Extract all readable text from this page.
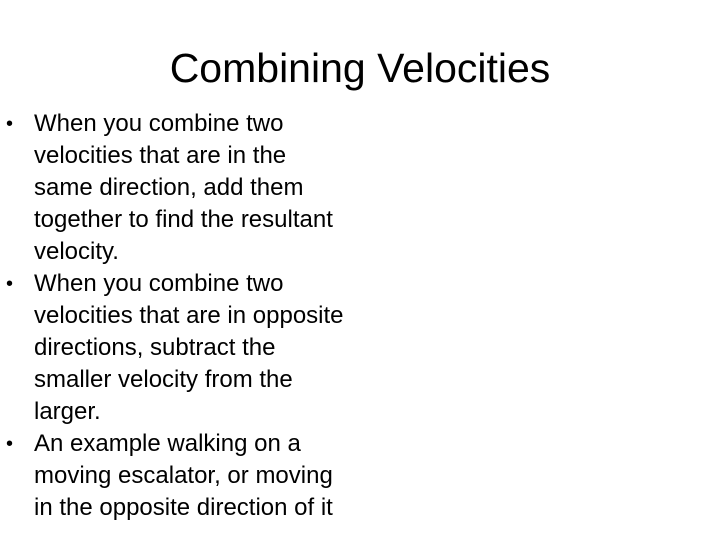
Combining Velocities
• When you combine two
velocities that are in the
same direction, add them
together to find the resultant
velocity.
• When you combine two
velocities that are in opposite
directions, subtract the
smaller velocity from the
larger.
• An example walking on a
moving escalator, or moving
in the opposite direction of it
